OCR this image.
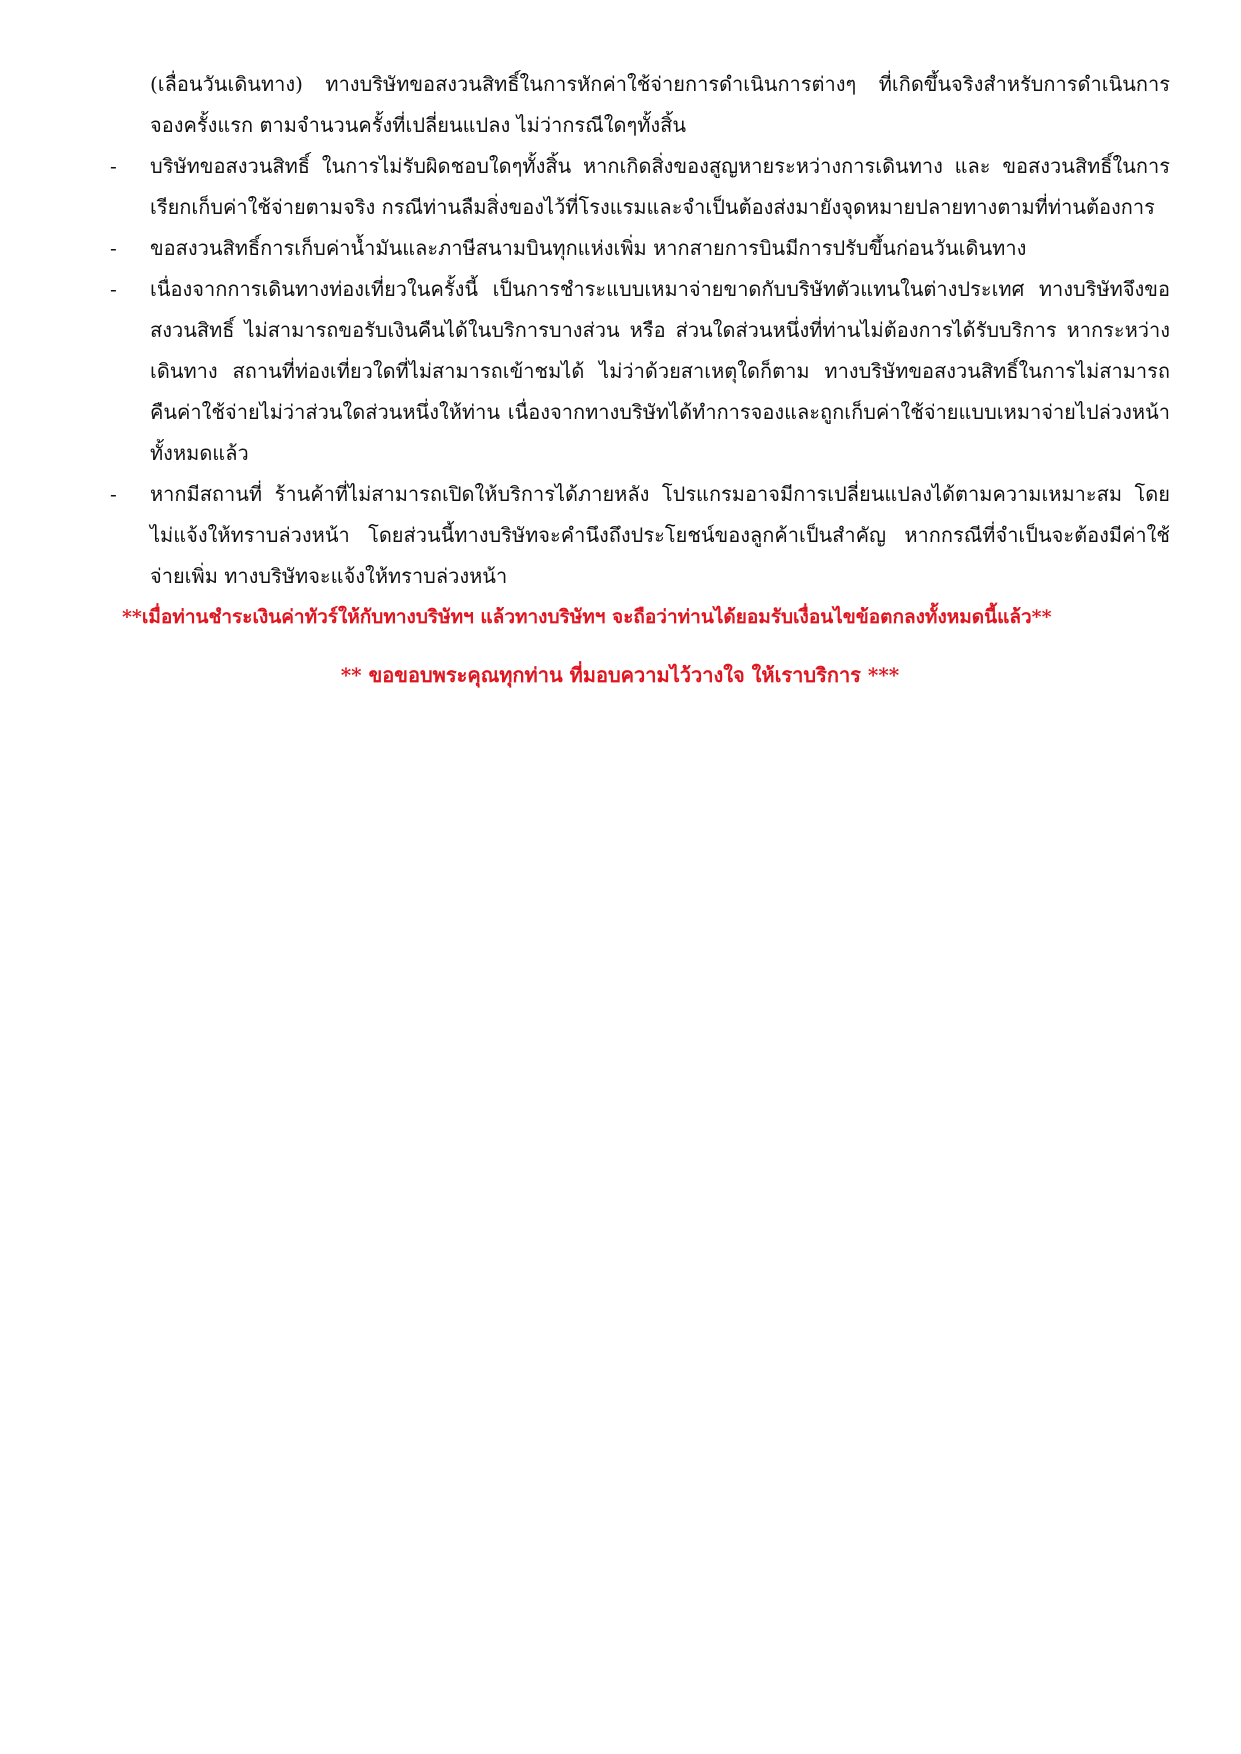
(เลื่อนวันเดินทาง) ทางบริษัทขอสงวนสิทธิ์ในการหักค่าใช้จ่ายการดำเนินการต่างๆ ที่เกิดขึ้นจริงสำหรับการดำเนินการจองครั้งแรก ตามจำนวนครั้งที่เปลี่ยนแปลง ไม่ว่ากรณีใดๆทั้งสิ้น

-	บริษัทขอสงวนสิทธิ์ ในการไม่รับผิดชอบใดๆทั้งสิ้น หากเกิดสิ่งของสูญหายระหว่างการเดินทาง และ ขอสงวนสิทธิ์ในการเรียกเก็บค่าใช้จ่ายตามจริง กรณีท่านลืมสิ่งของไว้ที่โรงแรมและจำเป็นต้องส่งมายังจุดหมายปลายทางตามที่ท่านต้องการ
-	ขอสงวนสิทธิ์การเก็บค่าน้ำมันและภาษีสนามบินทุกแห่งเพิ่ม หากสายการบินมีการปรับขึ้นก่อนวันเดินทาง
-	เนื่องจากการเดินทางท่องเที่ยวในครั้งนี้ เป็นการชำระแบบเหมาจ่ายขาดกับบริษัทตัวแทนในต่างประเทศ ทางบริษัทจึงขอสงวนสิทธิ์ ไม่สามารถขอรับเงินคืนได้ในบริการบางส่วน หรือ ส่วนใดส่วนหนึ่งที่ท่านไม่ต้องการได้รับบริการ หากระหว่างเดินทาง สถานที่ท่องเที่ยวใดที่ไม่สามารถเข้าชมได้ ไม่ว่าด้วยสาเหตุใดก็ตาม ทางบริษัทขอสงวนสิทธิ์ในการไม่สามารถคืนค่าใช้จ่ายไม่ว่าส่วนใดส่วนหนึ่งให้ท่าน เนื่องจากทางบริษัทได้ทำการจองและถูกเก็บค่าใช้จ่ายแบบเหมาจ่ายไปล่วงหน้าทั้งหมดแล้ว
-	หากมีสถานที่ ร้านค้าที่ไม่สามารถเปิดให้บริการได้ภายหลัง โปรแกรมอาจมีการเปลี่ยนแปลงได้ตามความเหมาะสม โดยไม่แจ้งให้ทราบล่วงหน้า โดยส่วนนี้ทางบริษัทจะคำนึงถึงประโยชน์ของลูกค้าเป็นสำคัญ หากกรณีที่จำเป็นจะต้องมีค่าใช้จ่ายเพิ่ม ทางบริษัทจะแจ้งให้ทราบล่วงหน้า

**เมื่อท่านชำระเงินค่าทัวร์ให้กับทางบริษัทฯ แล้วทางบริษัทฯ จะถือว่าท่านได้ยอมรับเงื่อนไขข้อตกลงทั้งหมดนี้แล้ว**

** ขอขอบพระคุณทุกท่าน ที่มอบความไว้วางใจ ให้เราบริการ ***
